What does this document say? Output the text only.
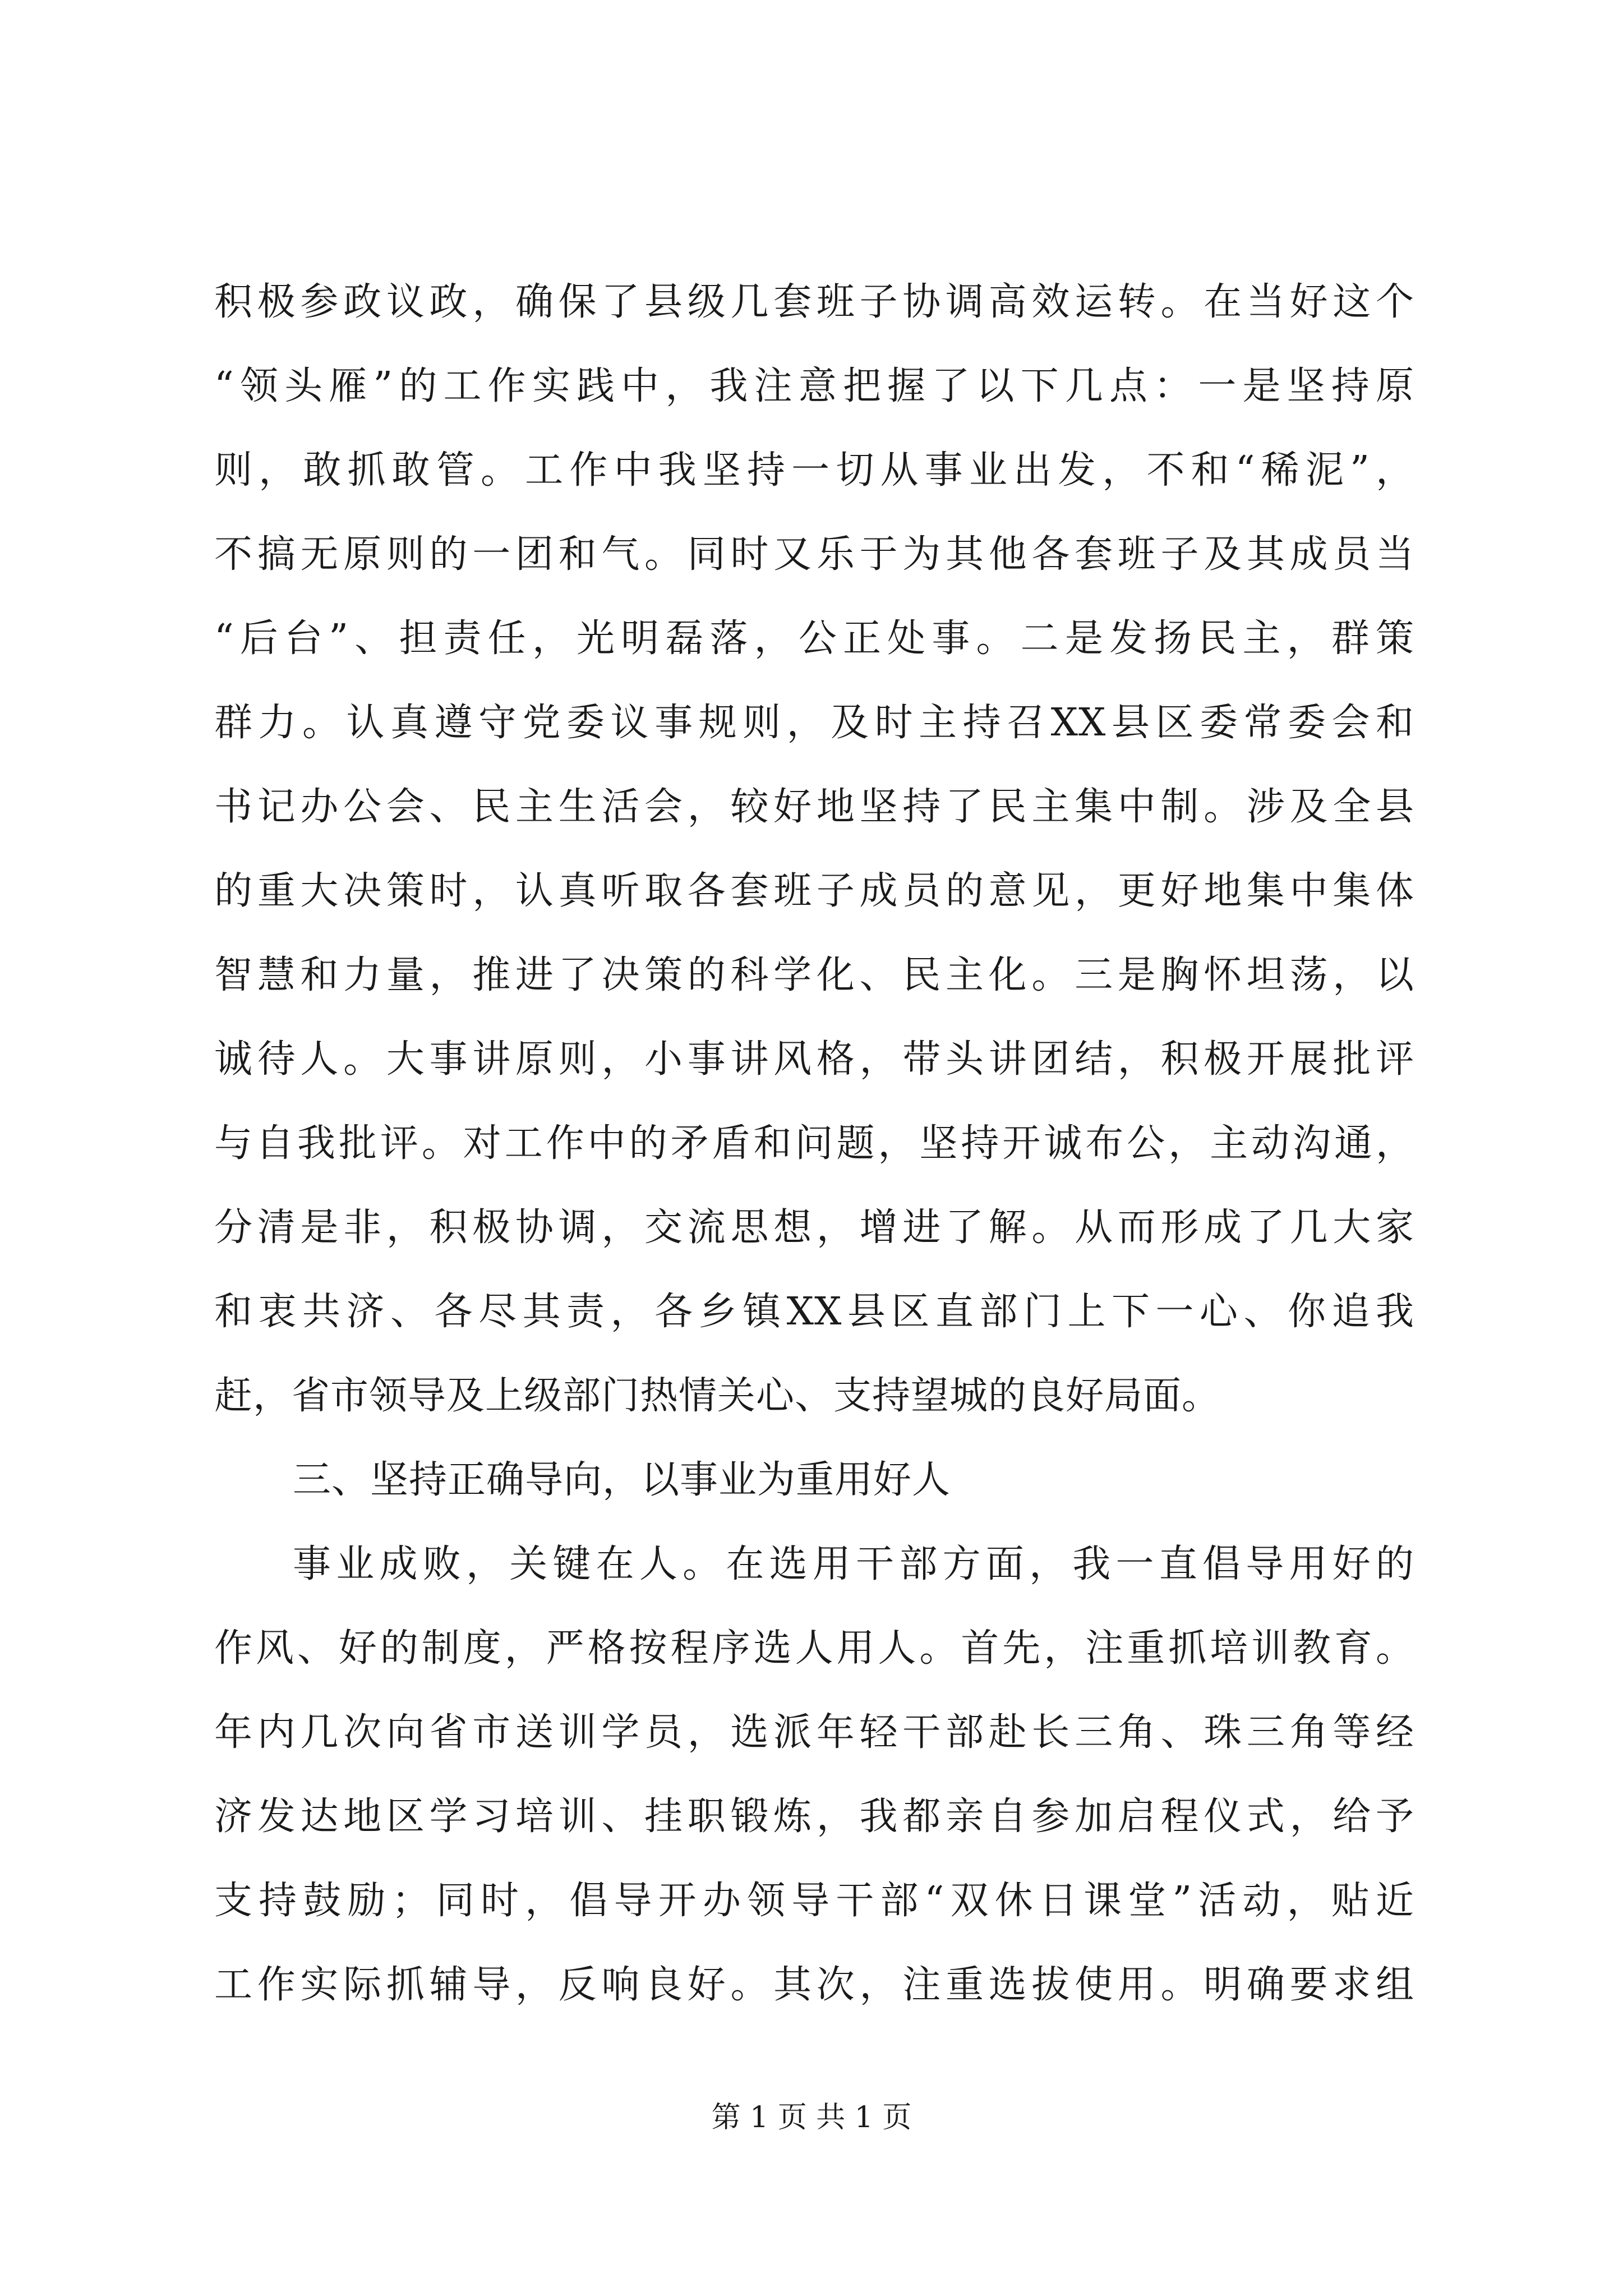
积极参政议政，确保了县级几套班子协调高效运转。在当好这个
“领头雁”的工作实践中，我注意把握了以下几点：一是坚持原
则，敢抓敢管。工作中我坚持一切从事业出发，不和“稀泥”，
不搞无原则的一团和气。同时又乐于为其他各套班子及其成员当
“后台”、担责任，光明磊落，公正处事。二是发扬民主，群策
群力。认真遵守党委议事规则，及时主持召XX县区委常委会和
书记办公会、民主生活会，较好地坚持了民主集中制。涉及全县
的重大决策时，认真听取各套班子成员的意见，更好地集中集体
智慧和力量，推进了决策的科学化、民主化。三是胸怀坦荡，以
诚待人。大事讲原则，小事讲风格，带头讲团结，积极开展批评
与自我批评。对工作中的矛盾和问题，坚持开诚布公，主动沟通，
分清是非，积极协调，交流思想，增进了解。从而形成了几大家
和衷共济、各尽其责，各乡镇XX县区直部门上下一心、你追我
赶，省市领导及上级部门热情关心、支持望城的良好局面。
三、坚持正确导向，以事业为重用好人
事业成败，关键在人。在选用干部方面，我一直倡导用好的
作风、好的制度，严格按程序选人用人。首先，注重抓培训教育。
年内几次向省市送训学员，选派年轻干部赴长三角、珠三角等经
济发达地区学习培训、挂职锻炼，我都亲自参加启程仪式，给予
支持鼓励；同时，倡导开办领导干部“双休日课堂”活动，贴近
工作实际抓辅导，反响良好。其次，注重选拔使用。明确要求组
第 1 页 共 1 页
